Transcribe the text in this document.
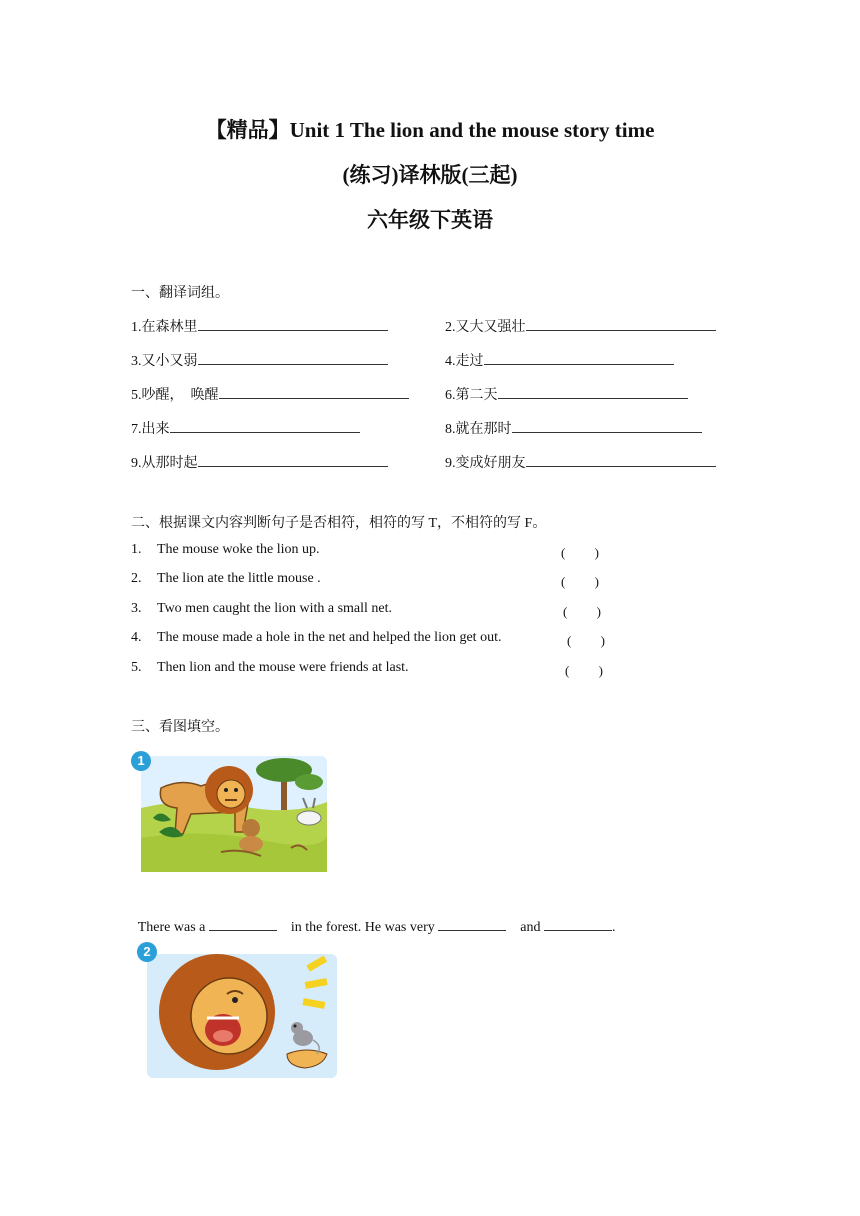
【精品】Unit 1 The lion and the mouse story time
(练习)译林版(三起)
六年级下英语
一、翻译词组。
1.在森林里	2.又大又强壮
3.又小又弱	4.走过
5.吵醒，  唤醒	6.第二天
7.出来	8.就在那时
9.从那时起	9.变成好朋友
二、根据课文内容判断句子是否相符，相符的写 T，不相符的写 F。
1. The mouse woke the lion up.	(　　 )
2. The lion ate the little mouse .	(　　 )
3. Two men caught the lion with a small net.	(　　 )
4. The mouse made a hole in the net and helped the lion get out.	(　　 )
5. Then lion and the mouse were friends at last.	(　　 )
三、看图填空。
1

There was a	in the forest. He was very	and	.

2
